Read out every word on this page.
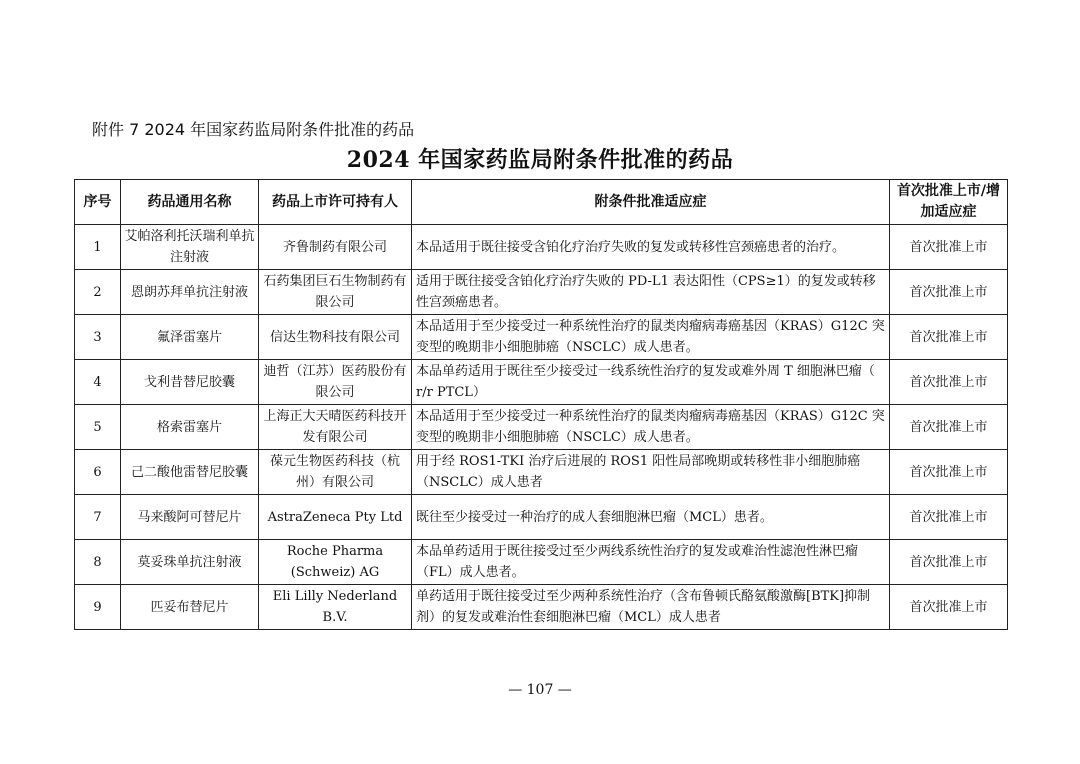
附件 7 2024 年国家药监局附条件批准的药品
2024 年国家药监局附条件批准的药品
序号	药品通用名称	药品上市许可持有人	附条件批准适应症	首次批准上市/增加适应症
1	艾帕洛利托沃瑞利单抗注射液	齐鲁制药有限公司	本品适用于既往接受含铂化疗治疗失败的复发或转移性宫颈癌患者的治疗。	首次批准上市
2	恩朗苏拜单抗注射液	石药集团巨石生物制药有限公司	适用于既往接受含铂化疗治疗失败的 PD-L1 表达阳性（CPS≥1）的复发或转移性宫颈癌患者。	首次批准上市
3	氟泽雷塞片	信达生物科技有限公司	本品适用于至少接受过一种系统性治疗的鼠类肉瘤病毒癌基因（KRAS）G12C 突变型的晚期非小细胞肺癌（NSCLC）成人患者。	首次批准上市
4	戈利昔替尼胶囊	迪哲（江苏）医药股份有限公司	本品单药适用于既往至少接受过一线系统性治疗的复发或难外周 T 细胞淋巴瘤（ r/r PTCL）	首次批准上市
5	格索雷塞片	上海正大天晴医药科技开发有限公司	本品适用于至少接受过一种系统性治疗的鼠类肉瘤病毒癌基因（KRAS）G12C 突变型的晚期非小细胞肺癌（NSCLC）成人患者。	首次批准上市
6	己二酸他雷替尼胶囊	葆元生物医药科技（杭州）有限公司	用于经 ROS1-TKI 治疗后进展的 ROS1 阳性局部晚期或转移性非小细胞肺癌（NSCLC）成人患者	首次批准上市
7	马来酸阿可替尼片	AstraZeneca Pty Ltd	既往至少接受过一种治疗的成人套细胞淋巴瘤（MCL）患者。	首次批准上市
8	莫妥珠单抗注射液	Roche Pharma (Schweiz) AG	本品单药适用于既往接受过至少两线系统性治疗的复发或难治性滤泡性淋巴瘤（FL）成人患者。	首次批准上市
9	匹妥布替尼片	Eli Lilly Nederland B.V.	单药适用于既往接受过至少两种系统性治疗（含布鲁顿氏酪氨酸激酶[BTK]抑制剂）的复发或难治性套细胞淋巴瘤（MCL）成人患者	首次批准上市
— 107 —
